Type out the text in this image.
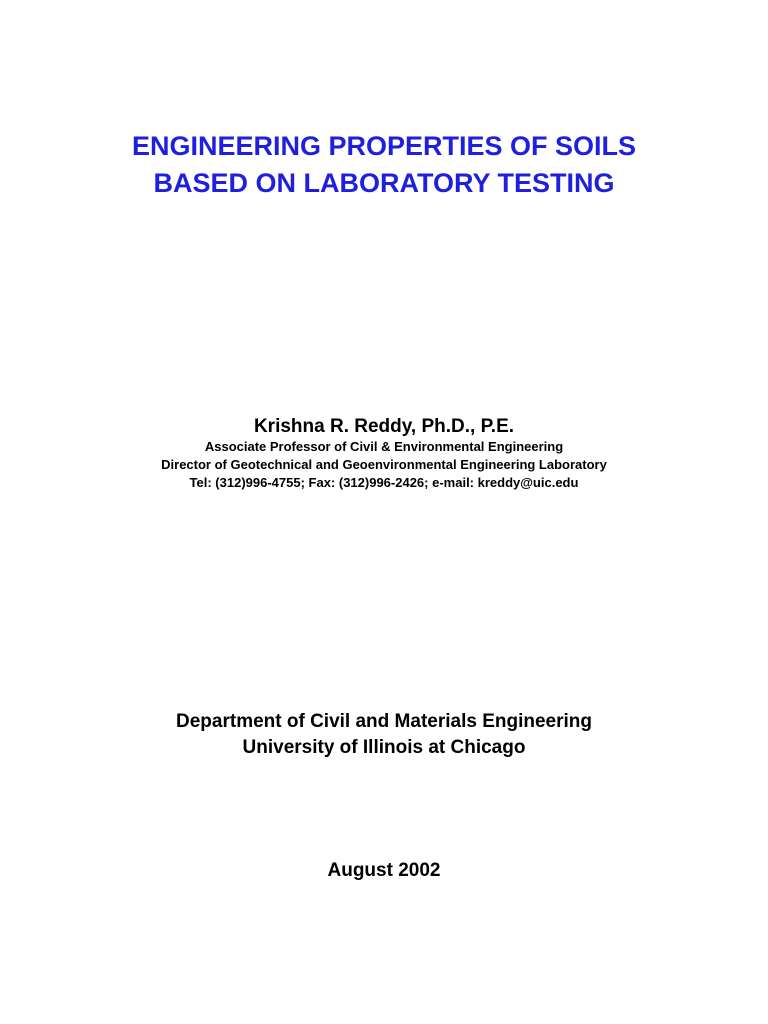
ENGINEERING PROPERTIES OF SOILS
BASED ON LABORATORY TESTING
Krishna R. Reddy, Ph.D., P.E.
Associate Professor of Civil & Environmental Engineering
Director of Geotechnical and Geoenvironmental Engineering Laboratory
Tel: (312)996-4755; Fax: (312)996-2426; e-mail: kreddy@uic.edu
Department of Civil and Materials Engineering
University of Illinois at Chicago
August 2002
